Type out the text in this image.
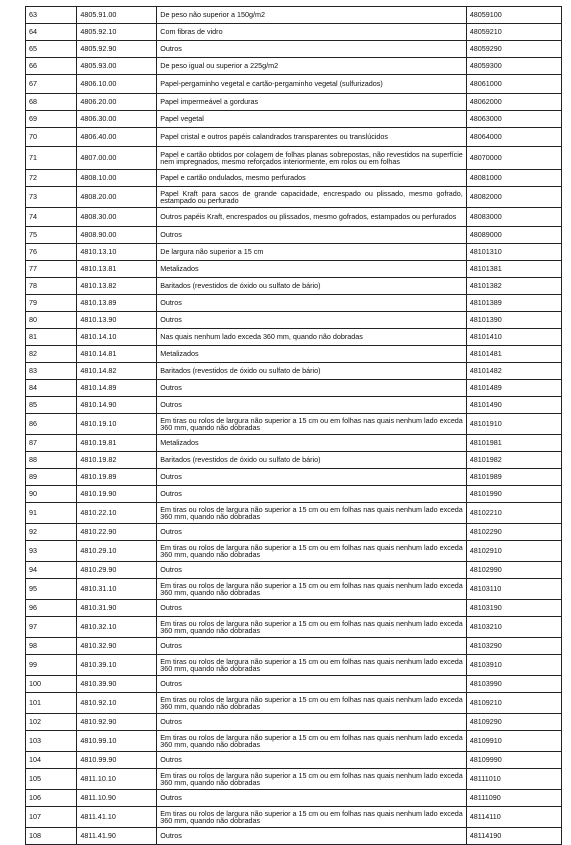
63	4805.91.00	De peso não superior a 150g/m2	48059100
64	4805.92.10	Com fibras de vidro	48059210
65	4805.92.90	Outros	48059290
66	4805.93.00	De peso igual ou superior a 225g/m2	48059300
67	4806.10.00	Papel-pergaminho vegetal e cartão-pergaminho vegetal (sulfurizados)	48061000
68	4806.20.00	Papel impermeável a gorduras	48062000
69	4806.30.00	Papel vegetal	48063000
70	4806.40.00	Papel cristal e outros papéis calandrados transparentes ou translúcidos	48064000
71	4807.00.00	Papel e cartão obtidos por colagem de folhas planas sobrepostas, não revestidos na superfície nem impregnados, mesmo reforçados interiormente, em rolos ou em folhas	48070000
72	4808.10.00	Papel e cartão ondulados, mesmo perfurados	48081000
73	4808.20.00	Papel Kraft para sacos de grande capacidade, encrespado ou plissado, mesmo gofrado, estampado ou perfurado	48082000
74	4808.30.00	Outros papéis Kraft, encrespados ou plissados, mesmo gofrados, estampados ou perfurados	48083000
75	4808.90.00	Outros	48089000
76	4810.13.10	De largura não superior a 15 cm	48101310
77	4810.13.81	Metalizados	48101381
78	4810.13.82	Baritados (revestidos de óxido ou sulfato de bário)	48101382
79	4810.13.89	Outros	48101389
80	4810.13.90	Outros	48101390
81	4810.14.10	Nas quais nenhum lado exceda 360 mm, quando não dobradas	48101410
82	4810.14.81	Metalizados	48101481
83	4810.14.82	Baritados (revestidos de óxido ou sulfato de bário)	48101482
84	4810.14.89	Outros	48101489
85	4810.14.90	Outros	48101490
86	4810.19.10	Em tiras ou rolos de largura não superior a 15 cm ou em folhas nas quais nenhum lado exceda 360 mm, quando não dobradas	48101910
87	4810.19.81	Metalizados	48101981
88	4810.19.82	Baritados (revestidos de óxido ou sulfato de bário)	48101982
89	4810.19.89	Outros	48101989
90	4810.19.90	Outros	48101990
91	4810.22.10	Em tiras ou rolos de largura não superior a 15 cm ou em folhas nas quais nenhum lado exceda 360 mm, quando não dobradas	48102210
92	4810.22.90	Outros	48102290
93	4810.29.10	Em tiras ou rolos de largura não superior a 15 cm ou em folhas nas quais nenhum lado exceda 360 mm, quando não dobradas	48102910
94	4810.29.90	Outros	48102990
95	4810.31.10	Em tiras ou rolos de largura não superior a 15 cm ou em folhas nas quais nenhum lado exceda 360 mm, quando não dobradas	48103110
96	4810.31.90	Outros	48103190
97	4810.32.10	Em tiras ou rolos de largura não superior a 15 cm ou em folhas nas quais nenhum lado exceda 360 mm, quando não dobradas	48103210
98	4810.32.90	Outros	48103290
99	4810.39.10	Em tiras ou rolos de largura não superior a 15 cm ou em folhas nas quais nenhum lado exceda 360 mm, quando não dobradas	48103910
100	4810.39.90	Outros	48103990
101	4810.92.10	Em tiras ou rolos de largura não superior a 15 cm ou em folhas nas quais nenhum lado exceda 360 mm, quando não dobradas	48109210
102	4810.92.90	Outros	48109290
103	4810.99.10	Em tiras ou rolos de largura não superior a 15 cm ou em folhas nas quais nenhum lado exceda 360 mm, quando não dobradas	48109910
104	4810.99.90	Outros	48109990
105	4811.10.10	Em tiras ou rolos de largura não superior a 15 cm ou em folhas nas quais nenhum lado exceda 360 mm, quando não dobradas	48111010
106	4811.10.90	Outros	48111090
107	4811.41.10	Em tiras ou rolos de largura não superior a 15 cm ou em folhas nas quais nenhum lado exceda 360 mm, quando não dobradas	48114110
108	4811.41.90	Outros	48114190
